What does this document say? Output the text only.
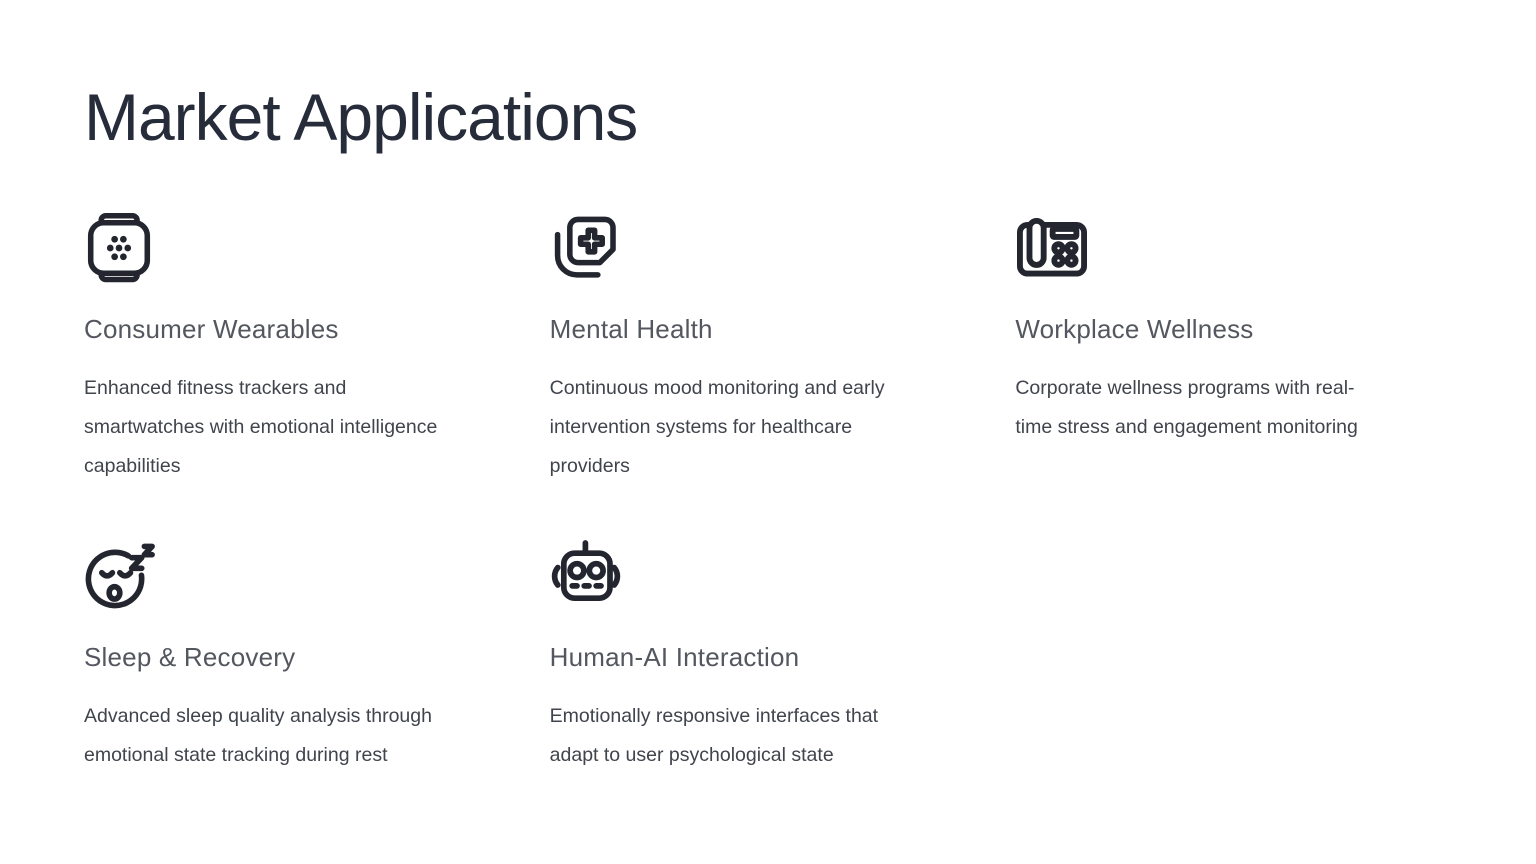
Market Applications
Consumer Wearables

Enhanced fitness trackers and
smartwatches with emotional intelligence
capabilities

Mental Health

Continuous mood monitoring and early
intervention systems for healthcare
providers

Workplace Wellness

Corporate wellness programs with real-
time stress and engagement monitoring

Sleep & Recovery

Advanced sleep quality analysis through
emotional state tracking during rest

Human-AI Interaction

Emotionally responsive interfaces that
adapt to user psychological state
